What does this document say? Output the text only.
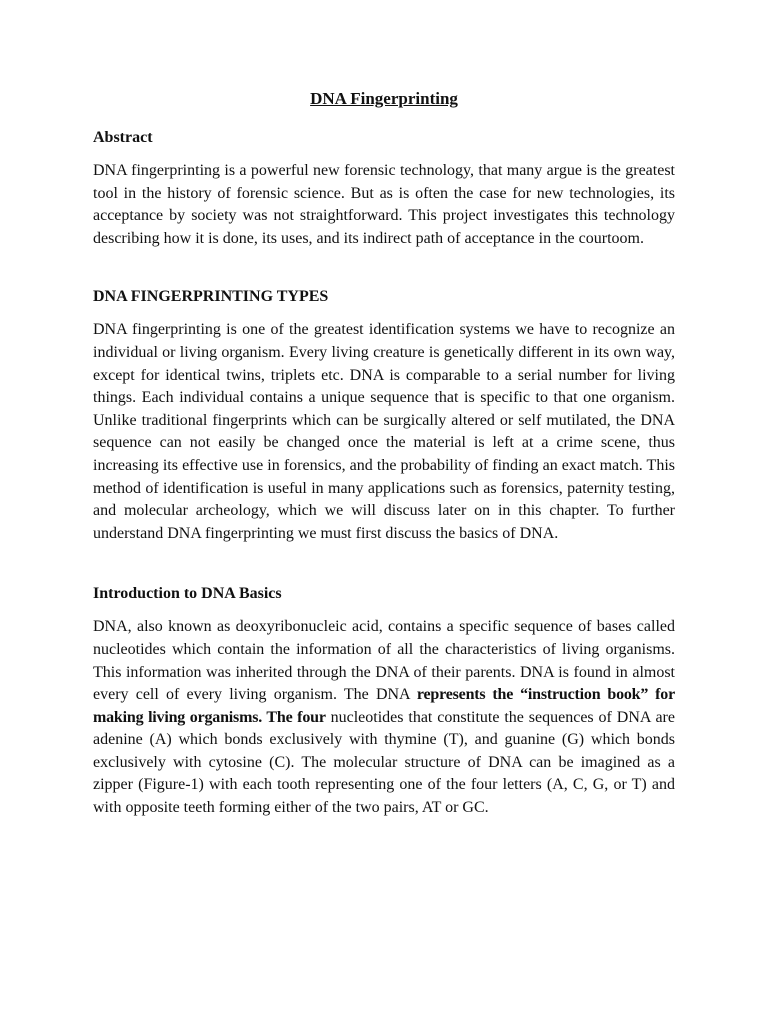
DNA Fingerprinting
Abstract

DNA fingerprinting is a powerful new forensic technology, that many argue is the greatest tool in the history of forensic science. But as is often the case for new technologies, its acceptance by society was not straightforward. This project investigates this technology describing how it is done, its uses, and its indirect path of acceptance in the courtoom.

DNA FINGERPRINTING TYPES

DNA fingerprinting is one of the greatest identification systems we have to recognize an individual or living organism. Every living creature is genetically different in its own way, except for identical twins, triplets etc. DNA is comparable to a serial number for living things. Each individual contains a unique sequence that is specific to that one organism. Unlike traditional fingerprints which can be surgically altered or self mutilated, the DNA sequence can not easily be changed once the material is left at a crime scene, thus increasing its effective use in forensics, and the probability of finding an exact match. This method of identification is useful in many applications such as forensics, paternity testing, and molecular archeology, which we will discuss later on in this chapter. To further understand DNA fingerprinting we must first discuss the basics of DNA.

Introduction to DNA Basics

DNA, also known as deoxyribonucleic acid, contains a specific sequence of bases called nucleotides which contain the information of all the characteristics of living organisms. This information was inherited through the DNA of their parents. DNA is found in almost every cell of every living organism. The DNA represents the “instruction book” for making living organisms. The four nucleotides that constitute the sequences of DNA are adenine (A) which bonds exclusively with thymine (T), and guanine (G) which bonds exclusively with cytosine (C). The molecular structure of DNA can be imagined as a zipper (Figure-1) with each tooth representing one of the four letters (A, C, G, or T) and with opposite teeth forming either of the two pairs, AT or GC.
